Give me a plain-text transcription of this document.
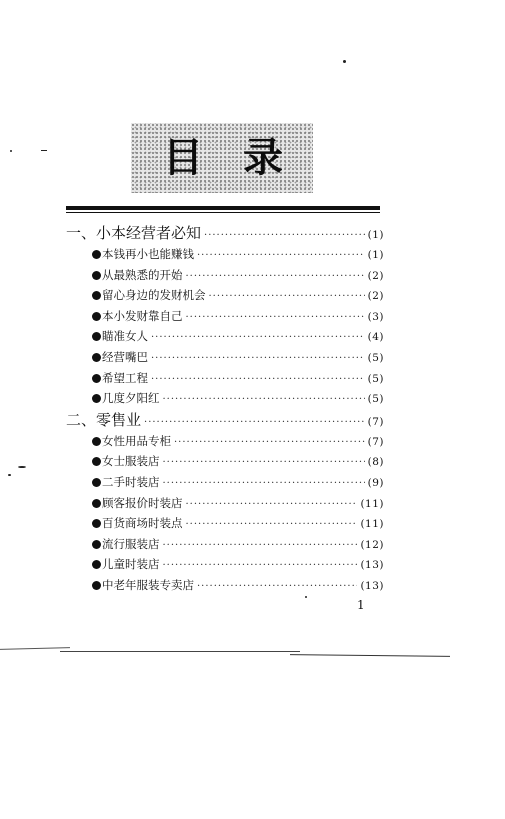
目 录
一、小本经营者必知 ·····	(1)
本钱再小也能赚钱 ·····	(1)
从最熟悉的开始 ·····	(2)
留心身边的发财机会 ·····	(2)
本小发财靠自己 ·····	(3)
瞄准女人 ·····	(4)
经营嘴巴 ·····	(5)
希望工程 ·····	(5)
几度夕阳红 ·····	(5)
二、零售业 ·····	(7)
女性用品专柜 ·····	(7)
女士服装店 ·····	(8)
二手时装店 ·····	(9)
顾客报价时装店 ·····	(11)
百货商场时装点 ·····	(11)
流行服装店 ·····	(12)
儿童时装店 ·····	(13)
中老年服装专卖店 ·····	(13)
1
